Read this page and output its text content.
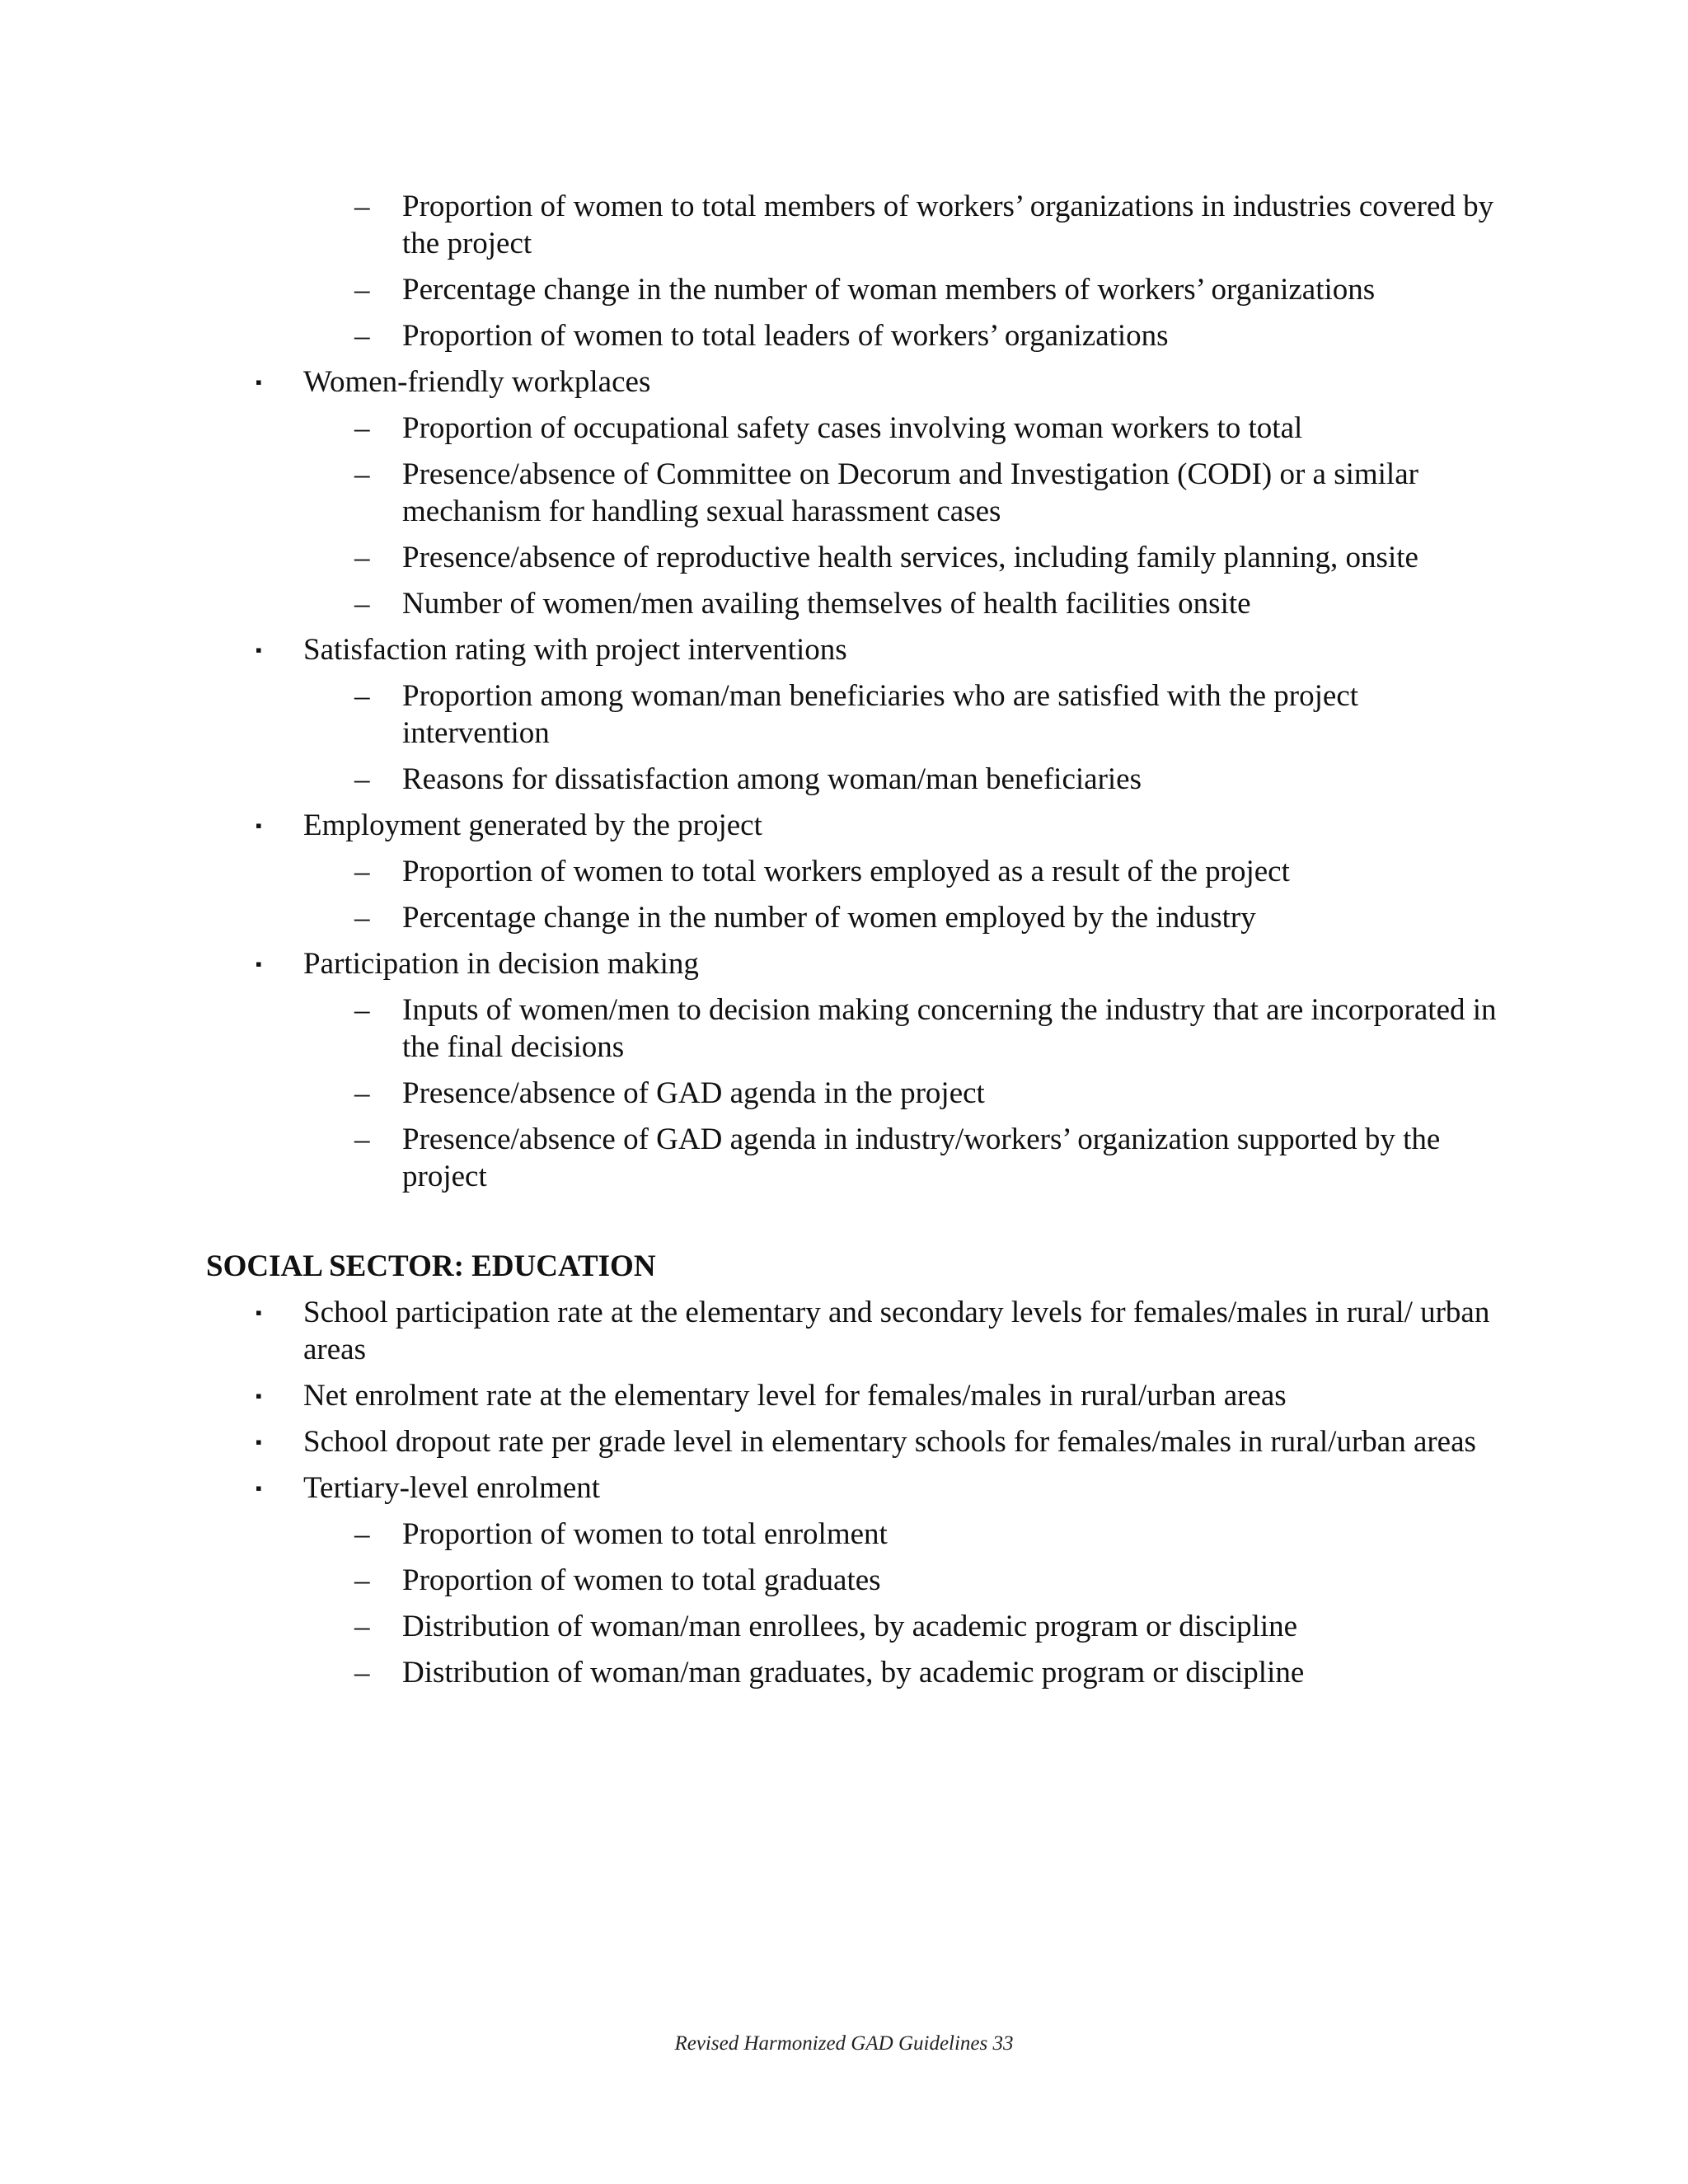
– Proportion of women to total members of workers’ organizations in industries covered by the project
– Percentage change in the number of woman members of workers’ organizations
– Proportion of women to total leaders of workers’ organizations
▪ Women-friendly workplaces
– Proportion of occupational safety cases involving woman workers to total
– Presence/absence of Committee on Decorum and Investigation (CODI) or a similar mechanism for handling sexual harassment cases
– Presence/absence of reproductive health services, including family planning, onsite
– Number of women/men availing themselves of health facilities onsite
▪ Satisfaction rating with project interventions
– Proportion among woman/man beneficiaries who are satisfied with the project intervention
– Reasons for dissatisfaction among woman/man beneficiaries
▪ Employment generated by the project
– Proportion of women to total workers employed as a result of the project
– Percentage change in the number of women employed by the industry
▪ Participation in decision making
– Inputs of women/men to decision making concerning the industry that are incorporated in the final decisions
– Presence/absence of GAD agenda in the project
– Presence/absence of GAD agenda in industry/workers’ organization supported by the project
SOCIAL SECTOR: EDUCATION
▪ School participation rate at the elementary and secondary levels for females/males in rural/ urban areas
▪ Net enrolment rate at the elementary level for females/males in rural/urban areas
▪ School dropout rate per grade level in elementary schools for females/males in rural/urban areas
▪ Tertiary-level enrolment
– Proportion of women to total enrolment
– Proportion of women to total graduates
– Distribution of woman/man enrollees, by academic program or discipline
– Distribution of woman/man graduates, by academic program or discipline
Revised Harmonized GAD Guidelines 33
